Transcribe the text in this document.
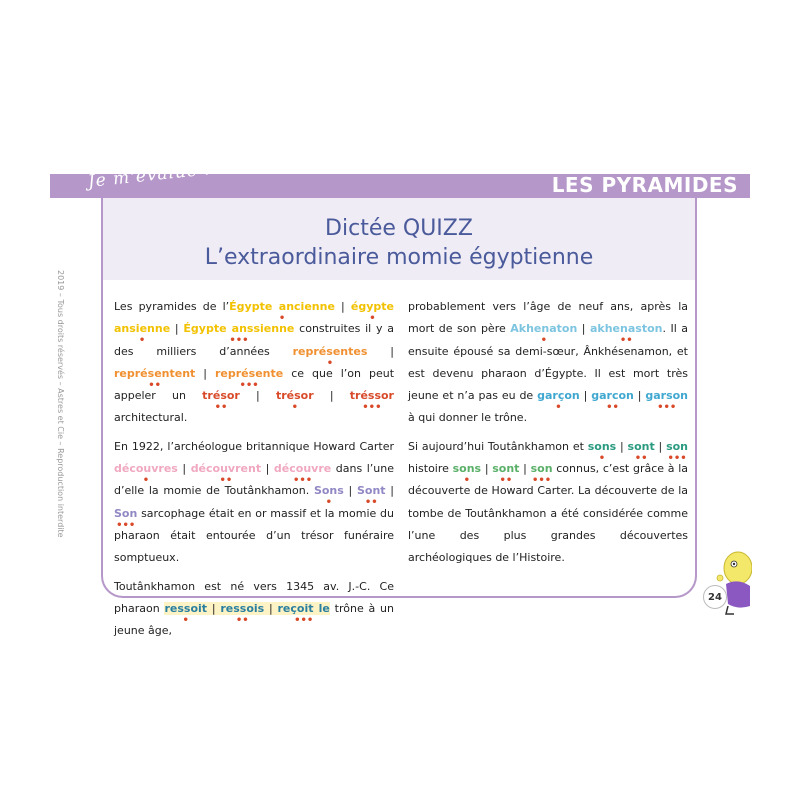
Je m'évalue !	LES PYRAMIDES
2019 – Tous droits réservés – Astres et Cie – Reproduction interdite
Dictée QUIZZ
L’extraordinaire momie égyptienne

Les pyramides de l’Égypte ancienne
•
| égypte
•
ansienne
•
| Égypte anssienne
•••
construites il y a des milliers d’années représentes
•
| représentent
••
| représente
•••
ce que l’on peut appeler un trésor
••
| trésor
•
| tréssor
•••
architectural.

En 1922, l’archéologue britannique Howard Carter découvres
•
| découvrent
••
| découvre
•••
dans l’une d’elle la momie de Toutânkhamon. Sons
•
| Sont
••
| Son
•••
sarcophage était en or massif et la momie du pharaon était entourée d’un trésor funéraire somptueux.

Toutânkhamon est né vers 1345 av. J.-C. Ce pharaon ressoit
•
| ressois
••
| reçoit le
•••
trône à un jeune âge,

probablement vers l’âge de neuf ans, après la mort de son père Akhenaton
•
| akhenaston
••
. Il a ensuite épousé sa demi-sœur, Ânkhésenamon, et est devenu pharaon d’Égypte. Il est mort très jeune et n’a pas eu de garçon
•
| garcon
••
| garson
•••
à qui donner le trône.

Si aujourd’hui Toutânkhamon et sons
•
| sont
••
| son
•••
histoire sons
•
| sont
••
| son
•••
connus, c’est grâce à la découverte de Howard Carter. La découverte de la tombe de Toutânkhamon a été considérée comme l’une des plus grandes découvertes archéologiques de l’Histoire.

24
